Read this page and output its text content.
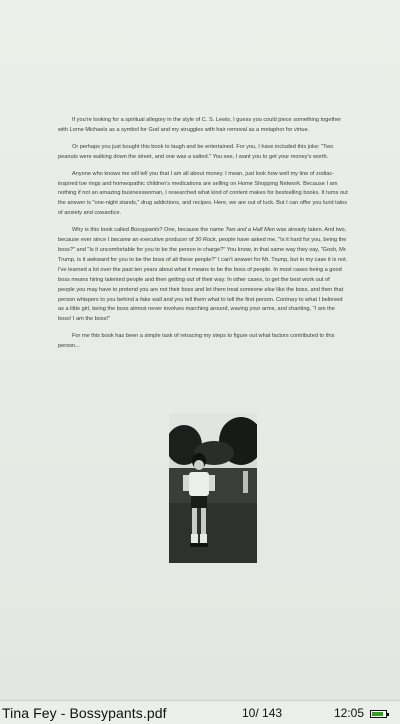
If you're looking for a spiritual allegory in the style of C. S. Lewis, I guess you could piece something together with Lorne Michaels as a symbol for God and my struggles with hair removal as a metaphor for virtue.

Or perhaps you just bought this book to laugh and be entertained. For you, I have included this joke: "Two peanuts were walking down the street, and one was a salted." You see, I want you to get your money's worth.

Anyone who knows me will tell you that I am all about money. I mean, just look how well my line of zodiac-inspired toe rings and homeopathic children's medications are selling on Home Shopping Network. Because I am nothing if not an amazing businesswoman, I researched what kind of content makes for bestselling books. It turns out the answer is "one-night stands," drug addictions, and recipes. Here, we are out of luck. But I can offer you lurid tales of anxiety and cowardice.

Why is this book called Bossypants? One, because the name Two and a Half Men was already taken. And two, because ever since I became an executive producer of 30 Rock, people have asked me, "Is it hard for you, being the boss?" and "Is it uncomfortable for you to be the person in charge?" You know, in that same way they say, "Gosh, Mr. Trump, is it awkward for you to be the boss of all these people?" I can't answer for Mr. Trump, but in my case it is not. I've learned a lot over the past ten years about what it means to be the boss of people. In most cases being a good boss means hiring talented people and then getting out of their way. In other cases, to get the best work out of people you may have to pretend you are not their boss and let them treat someone else like the boss, and then that person whispers to you behind a fake wall and you tell them what to tell the first person. Contrary to what I believed as a little girl, being the boss almost never involves marching around, waving your arms, and chanting, "I am the boss! I am the boss!"

For me this book has been a simple task of retracing my steps to figure out what factors contributed to this person...

Tina Fey - Bossypants.pdf	10/ 143	12:05
